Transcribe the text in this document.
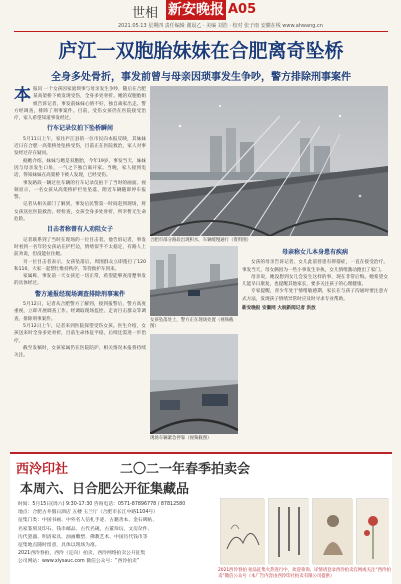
世相 新安晚报 A05
2021.05.13 星期四 责任编辑 谢晨乙 · 美编 刘浩 · 校对 张子雨 安徽在线 www.ahwang.cn
庐江一双胞胎妹妹在合肥离奇坠桥
全身多处骨折，事发前曾与母亲因琐事发生争吵，警方排除刑事案件
本 报讯 一个女孩因家庭琐事与母亲发生争吵，随后在合肥某高架桥下被发现受伤，全身多处骨折。她的双胞胎姐姐告诉记者，事发前妹妹心情不好，独自离家出走。警方经调查，排除了刑事案件。目前，受伤女孩仍在医院接受治疗，家人希望知道事发经过。

行车记录仪拍下坠桥瞬间

5月11日上午，家住庐江县的一位市民向本报反映，其妹妹近日在合肥一高架桥处坠桥受伤，目前正在医院救治，家人对事发经过存在疑问。

据她介绍，妹妹与她是双胞胎，今年19岁。事发当天，妹妹因与母亲发生口角，一气之下独自离开家。当晚，家人接到电话，得知妹妹在高架桥下被人发现，已经受伤。

事发路段一辆过往车辆的行车记录仪拍下了当时的画面。视频显示，一名女孩从高架桥护栏处坠落，附近车辆随即停车报警。

记者从相关部门了解到，事发后民警第一时间赶到现场，将女孩送往医院救治。经检查，女孩全身多处骨折，所幸暂无生命危险。

目击者称曾有人劝阻女子

记者联系到了当时在现场的一位目击者。他告诉记者，事发时看到一名年轻女孩站在护栏边，情绪似乎不太稳定，有路人上前劝说，但没能拉住她。

另一位目击者表示，女孩坠落后，周围群众立即拨打了120和110，大家一起帮忙维持秩序，等待救护车到来。

家属称，事发前一天女孩还一切正常，希望能够查清楚事发的具体经过。

警方通报经现场调查排除刑事案件

5月12日，记者从合肥警方了解到，接到报警后，警方高度重视，立即开展调查工作。经调取现场监控、走访目击群众等调查，排除刑事案件。

5月12日上午，记者来到医院探望受伤女孩。医生介绍，女孩送来时全身多处骨折，目前生命体征平稳，后续还需进一步治疗。

截至发稿时，女孩家属仍在医院陪护，相关情况本报将持续关注。

合肥市部分路段出现积水，车辆缓慢通行（资料图）
女孩坠落处上，警方正在现场处置（视频截图）
现场车辆紧急停靠（视频截图）
母亲称女儿本身患有疾病

女孩的母亲告诉记者，女儿此前曾患有抑郁症，一直在接受治疗。事发当天，母女俩因为一些小事发生争执，女儿情绪激动跑出了家门。

母亲说，她没想到女儿会发生这样的事，现在非常后悔。她希望女儿能早日康复，也提醒其他家长，要多关注孩子的心理健康。

专家提醒，青少年处于情绪敏感期，家长在与孩子沟通时要注意方式方法，发现孩子情绪异常时应及时寻求专业帮助。

新安晚报 安徽网 大皖新闻记者 洪放

西泠印社	二〇二一年春季拍卖会
本周六、日合肥公开征集藏品
时间：5月15日(周六) 9:30-17:30 咨询电话：0571-87896778 / 87812580
地点：合肥古井假日酒店 五楼 玉兰厅（合肥市长江中路1104号）
征集门类：中国书画、中外名人信札手迹、古籍善本、金石碑帖、
名家篆刻及印石、钱币邮品、古代名砚、古董珍玩、文房杂件、
历代瓷器、明清家具、油画雕塑、佛教艺术、中国历代钱币等
征集地点随时留意，具体以现场为准。
2021西泠春拍，西泠（定向）拍卖，西泠网络拍卖公开征集
公司网站：www.xlysauc.com 微信公众号：“西泠拍卖”
2021西泠春拍 拍品征集火热进行中，欢迎垂询。详情请登录西泠拍卖官网或关注“西泠拍卖”微信公众号（本广告内容由西泠印社拍卖有限公司提供）
